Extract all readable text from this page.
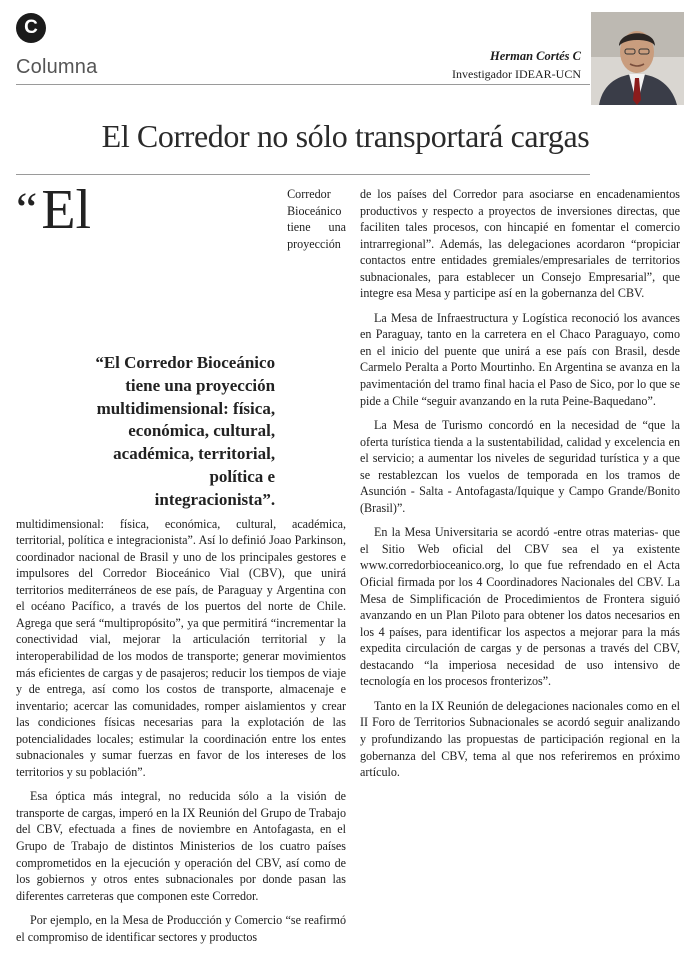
C
Columna	Herman Cortés C
Investigador IDEAR-UCN
El Corredor no sólo transportará cargas

“El
“El Corredor Bioceánico tiene una proyección multidimensional: física, económica, cultural, académica, territorial, política e integracionista”.
Corredor Bioceánico tiene una proyección multidimensional: física, económica, cultural, académica, territorial, política e integracionista”. Así lo definió Joao Parkinson, coordinador nacional de Brasil y uno de los principales gestores e impulsores del Corredor Bioceánico Vial (CBV), que unirá territorios mediterráneos de ese país, de Paraguay y Argentina con el océano Pacífico, a través de los puertos del norte de Chile. Agrega que será “multipropósito”, ya que permitirá “incrementar la conectividad vial, mejorar la articulación territorial y la interoperabilidad de los modos de transporte; generar movimientos más eficientes de cargas y de pasajeros; reducir los tiempos de viaje y de entrega, así como los costos de transporte, almacenaje e inventario; acercar las comunidades, romper aislamientos y crear las condiciones físicas necesarias para la explotación de las potencialidades locales; estimular la coordinación entre los entes subnacionales y sumar fuerzas en favor de los intereses de los territorios y su población”.

Esa óptica más integral, no reducida sólo a la visión de transporte de cargas, imperó en la IX Reunión del Grupo de Trabajo del CBV, efectuada a fines de noviembre en Antofagasta, en el Grupo de Trabajo de distintos Ministerios de los cuatro países comprometidos en la ejecución y operación del CBV, así como de los gobiernos y otros entes subnacionales por donde pasan las diferentes carreteras que componen este Corredor.

Por ejemplo, en la Mesa de Producción y Comercio “se reafirmó el compromiso de identificar sectores y productos

de los países del Corredor para asociarse en encadenamientos productivos y respecto a proyectos de inversiones directas, que faciliten tales procesos, con hincapié en fomentar el comercio intrarregional”. Además, las delegaciones acordaron “propiciar contactos entre entidades gremiales/empresariales de territorios subnacionales, para establecer un Consejo Empresarial”, que integre esa Mesa y participe así en la gobernanza del CBV.

La Mesa de Infraestructura y Logística reconoció los avances en Paraguay, tanto en la carretera en el Chaco Paraguayo, como en el inicio del puente que unirá a ese país con Brasil, desde Carmelo Peralta a Porto Mourtinho. En Argentina se avanza en la pavimentación del tramo final hacia el Paso de Sico, por lo que se pide a Chile “seguir avanzando en la ruta Peine-Baquedano”.

La Mesa de Turismo concordó en la necesidad de “que la oferta turística tienda a la sustentabilidad, calidad y excelencia en el servicio; a aumentar los niveles de seguridad turística y a que se restablezcan los vuelos de temporada en los tramos de Asunción - Salta - Antofagasta/Iquique y Campo Grande/Bonito (Brasil)”.

En la Mesa Universitaria se acordó -entre otras materias- que el Sitio Web oficial del CBV sea el ya existente www.corredorbioceanico.org, lo que fue refrendado en el Acta Oficial firmada por los 4 Coordinadores Nacionales del CBV. La Mesa de Simplificación de Procedimientos de Frontera siguió avanzando en un Plan Piloto para obtener los datos necesarios en los 4 países, para identificar los aspectos a mejorar para la más expedita circulación de cargas y de personas a través del CBV, destacando “la imperiosa necesidad de uso intensivo de tecnología en los procesos fronterizos”.

Tanto en la IX Reunión de delegaciones nacionales como en el II Foro de Territorios Subnacionales se acordó seguir analizando y profundizando las propuestas de participación regional en la gobernanza del CBV, tema al que nos referiremos en próximo artículo.
